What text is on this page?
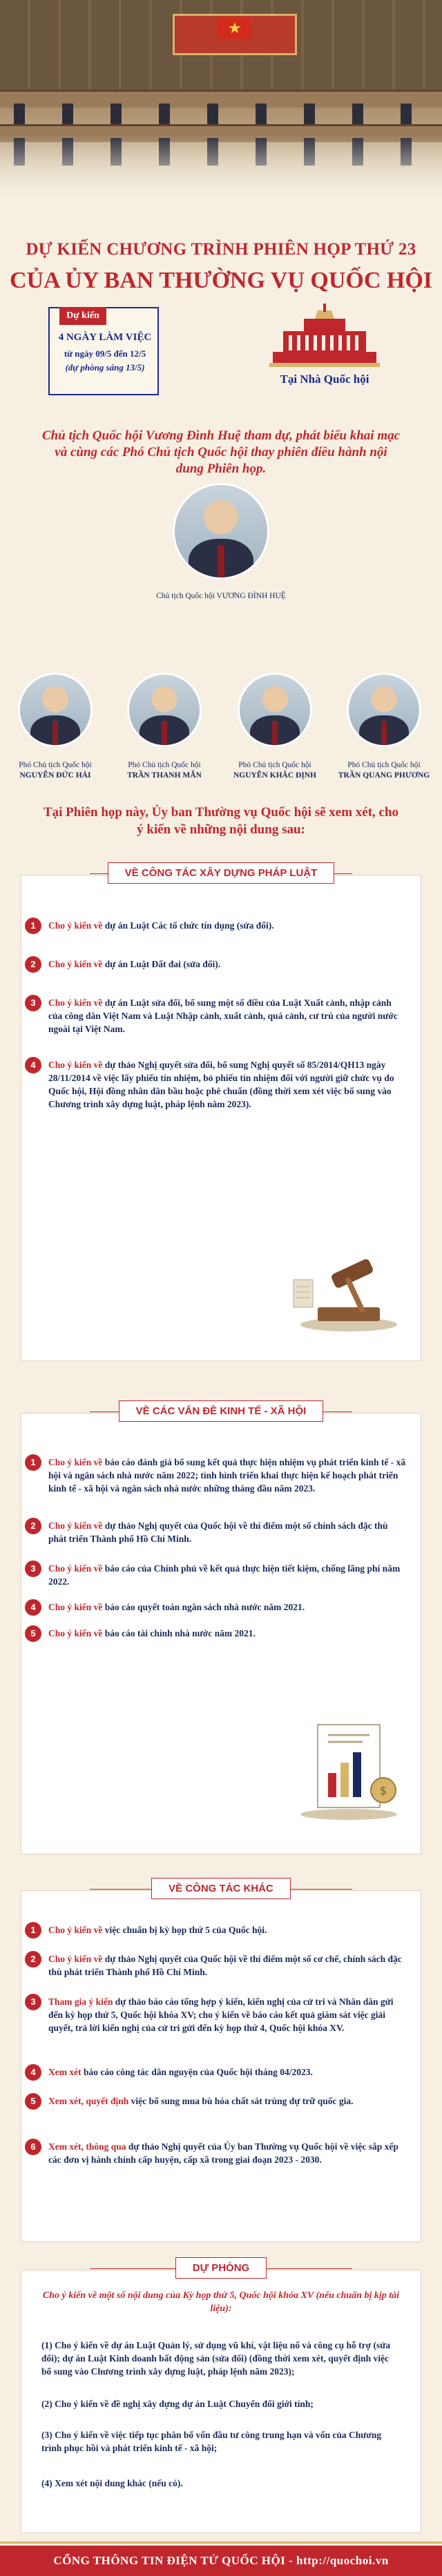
★
DỰ KIẾN CHƯƠNG TRÌNH PHIÊN HỌP THỨ 23
CỦA ỦY BAN THƯỜNG VỤ QUỐC HỘI
Dự kiến
4 NGÀY LÀM VIỆC
từ ngày 09/5 đến 12/5
(dự phòng sáng 13/5)
Tại Nhà Quốc hội
Chủ tịch Quốc hội Vương Đình Huệ tham dự, phát biểu khai mạc và cùng các Phó Chủ tịch Quốc hội thay phiên điều hành nội dung Phiên họp.
Chủ tịch Quốc hội VƯƠNG ĐÌNH HUỆ
Phó Chủ tịch Quốc hội
NGUYỄN ĐỨC HẢI
Phó Chủ tịch Quốc hội
TRẦN THANH MẪN
Phó Chủ tịch Quốc hội
NGUYỄN KHẮC ĐỊNH
Phó Chủ tịch Quốc hội
TRẦN QUANG PHƯƠNG
Tại Phiên họp này, Ủy ban Thường vụ Quốc hội sẽ xem xét, cho ý kiến về những nội dung sau:
VỀ CÔNG TÁC XÂY DỰNG PHÁP LUẬT
1	Cho ý kiến về dự án Luật Các tổ chức tín dụng (sửa đổi).
2	Cho ý kiến về dự án Luật Đất đai (sửa đổi).
3	Cho ý kiến về dự án Luật sửa đổi, bổ sung một số điều của Luật Xuất cảnh, nhập cảnh của công dân Việt Nam và Luật Nhập cảnh, xuất cảnh, quá cảnh, cư trú của người nước ngoài tại Việt Nam.
4	Cho ý kiến về dự thảo Nghị quyết sửa đổi, bổ sung Nghị quyết số 85/2014/QH13 ngày 28/11/2014 về việc lấy phiếu tín nhiệm, bỏ phiếu tín nhiệm đối với người giữ chức vụ do Quốc hội, Hội đồng nhân dân bầu hoặc phê chuẩn (đồng thời xem xét việc bổ sung vào Chương trình xây dựng luật, pháp lệnh năm 2023).
VỀ CÁC VẤN ĐỀ KINH TẾ - XÃ HỘI
1	Cho ý kiến về báo cáo đánh giá bổ sung kết quả thực hiện nhiệm vụ phát triển kinh tế - xã hội và ngân sách nhà nước năm 2022; tình hình triển khai thực hiện kế hoạch phát triển kinh tế - xã hội và ngân sách nhà nước những tháng đầu năm 2023.
2	Cho ý kiến về dự thảo Nghị quyết của Quốc hội về thí điểm một số chính sách đặc thù phát triển Thành phố Hồ Chí Minh.
3	Cho ý kiến về báo cáo của Chính phủ về kết quả thực hiện tiết kiệm, chống lãng phí năm 2022.
4	Cho ý kiến về báo cáo quyết toán ngân sách nhà nước năm 2021.
5	Cho ý kiến về báo cáo tài chính nhà nước năm 2021.
$
VỀ CÔNG TÁC KHÁC
1	Cho ý kiến về việc chuẩn bị kỳ họp thứ 5 của Quốc hội.
2	Cho ý kiến về dự thảo Nghị quyết của Quốc hội về thí điểm một số cơ chế, chính sách đặc thù phát triển Thành phố Hồ Chí Minh.
3	Tham gia ý kiến dự thảo báo cáo tổng hợp ý kiến, kiến nghị của cử tri và Nhân dân gửi đến kỳ họp thứ 5, Quốc hội khóa XV; cho ý kiến về báo cáo kết quả giám sát việc giải quyết, trả lời kiến nghị của cử tri gửi đến kỳ họp thứ 4, Quốc hội khóa XV.
4	Xem xét báo cáo công tác dân nguyện của Quốc hội tháng 04/2023.
5	Xem xét, quyết định việc bổ sung mua bù hóa chất sát trùng dự trữ quốc gia.
6	Xem xét, thông qua dự thảo Nghị quyết của Ủy ban Thường vụ Quốc hội về việc sắp xếp các đơn vị hành chính cấp huyện, cấp xã trong giai đoạn 2023 - 2030.
DỰ PHÒNG
Cho ý kiến về một số nội dung của Kỳ họp thứ 5, Quốc hội khóa XV (nếu chuẩn bị kịp tài liệu):
(1) Cho ý kiến về dự án Luật Quản lý, sử dụng vũ khí, vật liệu nổ và công cụ hỗ trợ (sửa đổi); dự án Luật Kinh doanh bất động sản (sửa đổi) (đồng thời xem xét, quyết định việc bổ sung vào Chương trình xây dựng luật, pháp lệnh năm 2023);
(2) Cho ý kiến về đề nghị xây dựng dự án Luật Chuyển đổi giới tính;
(3) Cho ý kiến về việc tiếp tục phân bổ vốn đầu tư công trung hạn và vốn của Chương trình phục hồi và phát triển kinh tế - xã hội;
(4) Xem xét nội dung khác (nếu có).
CỔNG THÔNG TIN ĐIỆN TỬ QUỐC HỘI - http://quochoi.vn
